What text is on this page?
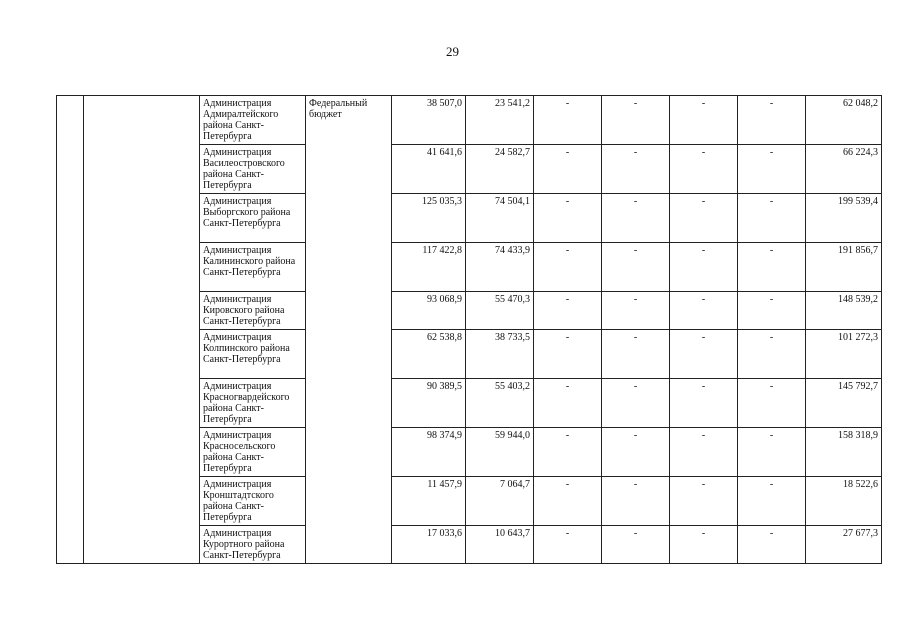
29
		Администрация Адмиралтейского района Санкт-Петербурга	Федеральный бюджет	38 507,0	23 541,2	-	-	-	-	62 048,2
		Администрация Василеостровского района Санкт-Петербурга		41 641,6	24 582,7	-	-	-	-	66 224,3
		Администрация Выборгского района Санкт-Петербурга		125 035,3	74 504,1	-	-	-	-	199 539,4
		Администрация Калининского района Санкт-Петербурга		117 422,8	74 433,9	-	-	-	-	191 856,7
		Администрация Кировского района Санкт-Петербурга		93 068,9	55 470,3	-	-	-	-	148 539,2
		Администрация Колпинского района Санкт-Петербурга		62 538,8	38 733,5	-	-	-	-	101 272,3
		Администрация Красногвардейского района Санкт-Петербурга		90 389,5	55 403,2	-	-	-	-	145 792,7
		Администрация Красносельского района Санкт-Петербурга		98 374,9	59 944,0	-	-	-	-	158 318,9
		Администрация Кронштадтского района Санкт-Петербурга		11 457,9	7 064,7	-	-	-	-	18 522,6
		Администрация Курортного района Санкт-Петербурга		17 033,6	10 643,7	-	-	-	-	27 677,3
